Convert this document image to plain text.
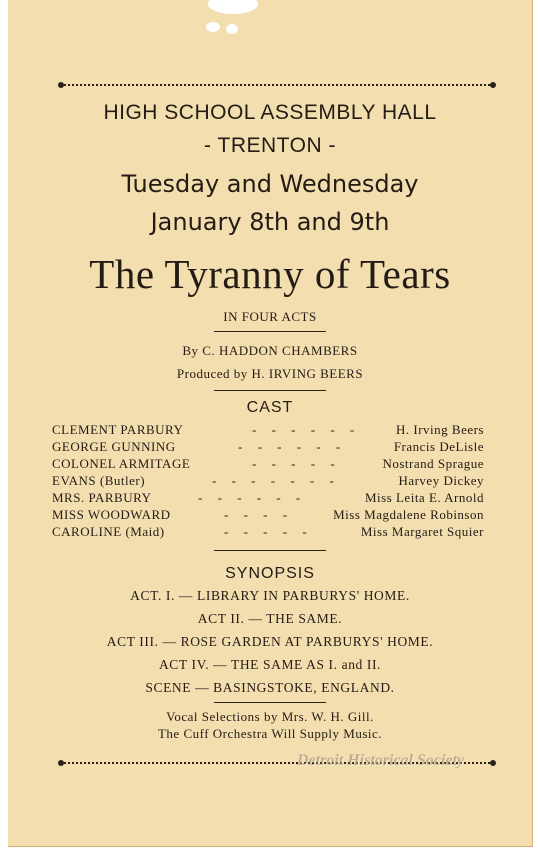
HIGH SCHOOL ASSEMBLY HALL
- TRENTON -
Tuesday and Wednesday
January 8th and 9th
The Tyranny of Tears
IN FOUR ACTS
By C. HADDON CHAMBERS
Produced by H. IRVING BEERS
CAST
CLEMENT PARBURY	- - - - - -	H. Irving Beers
GEORGE GUNNING	- - - - - -	Francis DeLisle
COLONEL ARMITAGE	- - - - -	Nostrand Sprague
EVANS (Butler)	- - - - - - -	Harvey Dickey
MRS. PARBURY	- - - - - -	Miss Leita E. Arnold
MISS WOODWARD	- - - -	Miss Magdalene Robinson
CAROLINE (Maid)	- - - - -	Miss Margaret Squier
SYNOPSIS
ACT. I. — LIBRARY IN PARBURYS' HOME.
ACT II. — THE SAME.
ACT III. — ROSE GARDEN AT PARBURYS' HOME.
ACT IV. — THE SAME AS I. and II.
SCENE — BASINGSTOKE, ENGLAND.
Vocal Selections by Mrs. W. H. Gill.
The Cuff Orchestra Will Supply Music.
Detroit Historical Society
